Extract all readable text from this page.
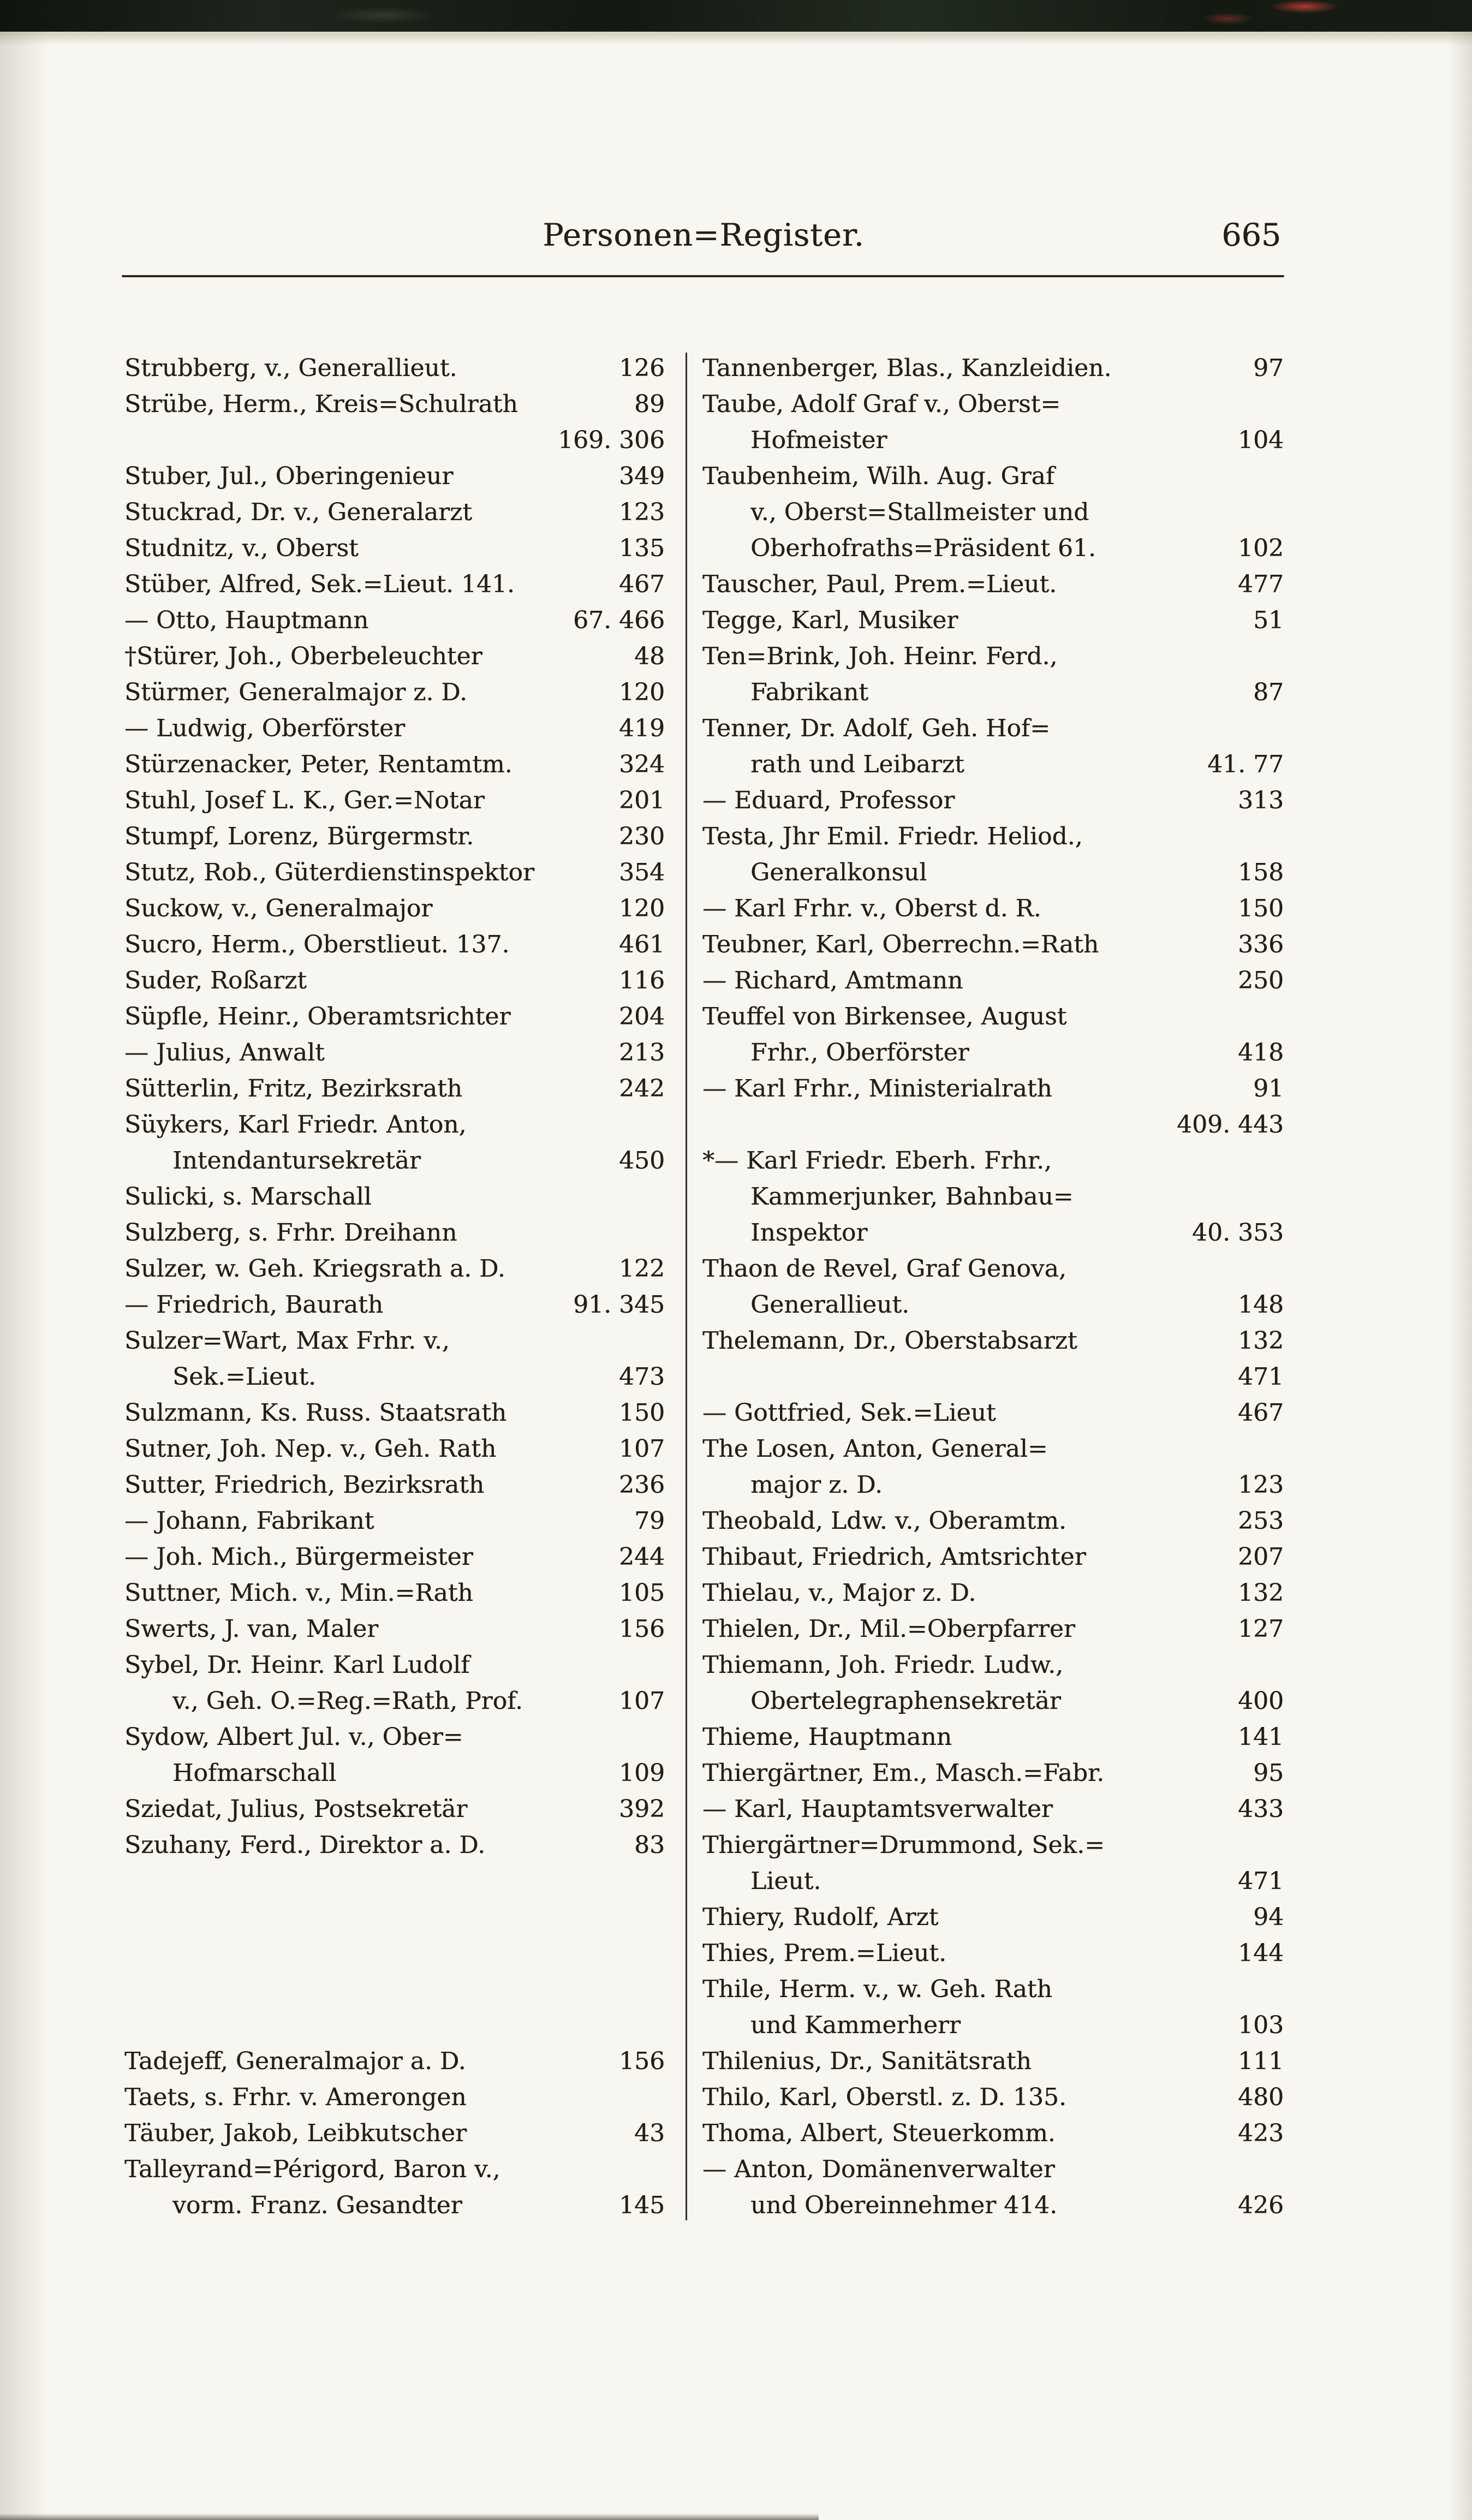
Personen=Register.	665
Strubberg, v., Generallieut.	126
Strübe, Herm., Kreis=Schulrath	89
169. 306
Stuber, Jul., Oberingenieur	349
Stuckrad, Dr. v., Generalarzt	123
Studnitz, v., Oberst	135
Stüber, Alfred, Sek.=Lieut. 141.	467
— Otto, Hauptmann	67. 466
†Stürer, Joh., Oberbeleuchter	48
Stürmer, Generalmajor z. D.	120
— Ludwig, Oberförster	419
Stürzenacker, Peter, Rentamtm.	324
Stuhl, Josef L. K., Ger.=Notar	201
Stumpf, Lorenz, Bürgermstr.	230
Stutz, Rob., Güterdienstinspektor	354
Suckow, v., Generalmajor	120
Sucro, Herm., Oberstlieut. 137.	461
Suder, Roßarzt	116
Süpfle, Heinr., Oberamtsrichter	204
— Julius, Anwalt	213
Sütterlin, Fritz, Bezirksrath	242
Süykers, Karl Friedr. Anton,
Intendantursekretär	450
Sulicki, s. Marschall
Sulzberg, s. Frhr. Dreihann
Sulzer, w. Geh. Kriegsrath a. D.	122
— Friedrich, Baurath	91. 345
Sulzer=Wart, Max Frhr. v.,
Sek.=Lieut.	473
Sulzmann, Ks. Russ. Staatsrath	150
Sutner, Joh. Nep. v., Geh. Rath	107
Sutter, Friedrich, Bezirksrath	236
— Johann, Fabrikant	79
— Joh. Mich., Bürgermeister	244
Suttner, Mich. v., Min.=Rath	105
Swerts, J. van, Maler	156
Sybel, Dr. Heinr. Karl Ludolf
v., Geh. O.=Reg.=Rath, Prof.	107
Sydow, Albert Jul. v., Ober=
Hofmarschall	109
Sziedat, Julius, Postsekretär	392
Szuhany, Ferd., Direktor a. D.	83
Tadejeff, Generalmajor a. D.	156
Taets, s. Frhr. v. Amerongen
Täuber, Jakob, Leibkutscher	43
Talleyrand=Périgord, Baron v.,
vorm. Franz. Gesandter	145
Tannenberger, Blas., Kanzleidien.	97
Taube, Adolf Graf v., Oberst=
Hofmeister	104
Taubenheim, Wilh. Aug. Graf
v., Oberst=Stallmeister und
Oberhofraths=Präsident 61.	102
Tauscher, Paul, Prem.=Lieut.	477
Tegge, Karl, Musiker	51
Ten=Brink, Joh. Heinr. Ferd.,
Fabrikant	87
Tenner, Dr. Adolf, Geh. Hof=
rath und Leibarzt	41. 77
— Eduard, Professor	313
Testa, Jhr Emil. Friedr. Heliod.,
Generalkonsul	158
— Karl Frhr. v., Oberst d. R.	150
Teubner, Karl, Oberrechn.=Rath	336
— Richard, Amtmann	250
Teuffel von Birkensee, August
Frhr., Oberförster	418
— Karl Frhr., Ministerialrath	91
409. 443
*— Karl Friedr. Eberh. Frhr.,
Kammerjunker, Bahnbau=
Inspektor	40. 353
Thaon de Revel, Graf Genova,
Generallieut.	148
Thelemann, Dr., Oberstabsarzt	132
471
— Gottfried, Sek.=Lieut	467
The Losen, Anton, General=
major z. D.	123
Theobald, Ldw. v., Oberamtm.	253
Thibaut, Friedrich, Amtsrichter	207
Thielau, v., Major z. D.	132
Thielen, Dr., Mil.=Oberpfarrer	127
Thiemann, Joh. Friedr. Ludw.,
Obertelegraphensekretär	400
Thieme, Hauptmann	141
Thiergärtner, Em., Masch.=Fabr.	95
— Karl, Hauptamtsverwalter	433
Thiergärtner=Drummond, Sek.=
Lieut.	471
Thiery, Rudolf, Arzt	94
Thies, Prem.=Lieut.	144
Thile, Herm. v., w. Geh. Rath
und Kammerherr	103
Thilenius, Dr., Sanitätsrath	111
Thilo, Karl, Oberstl. z. D. 135.	480
Thoma, Albert, Steuerkomm.	423
— Anton, Domänenverwalter
und Obereinnehmer 414.	426
